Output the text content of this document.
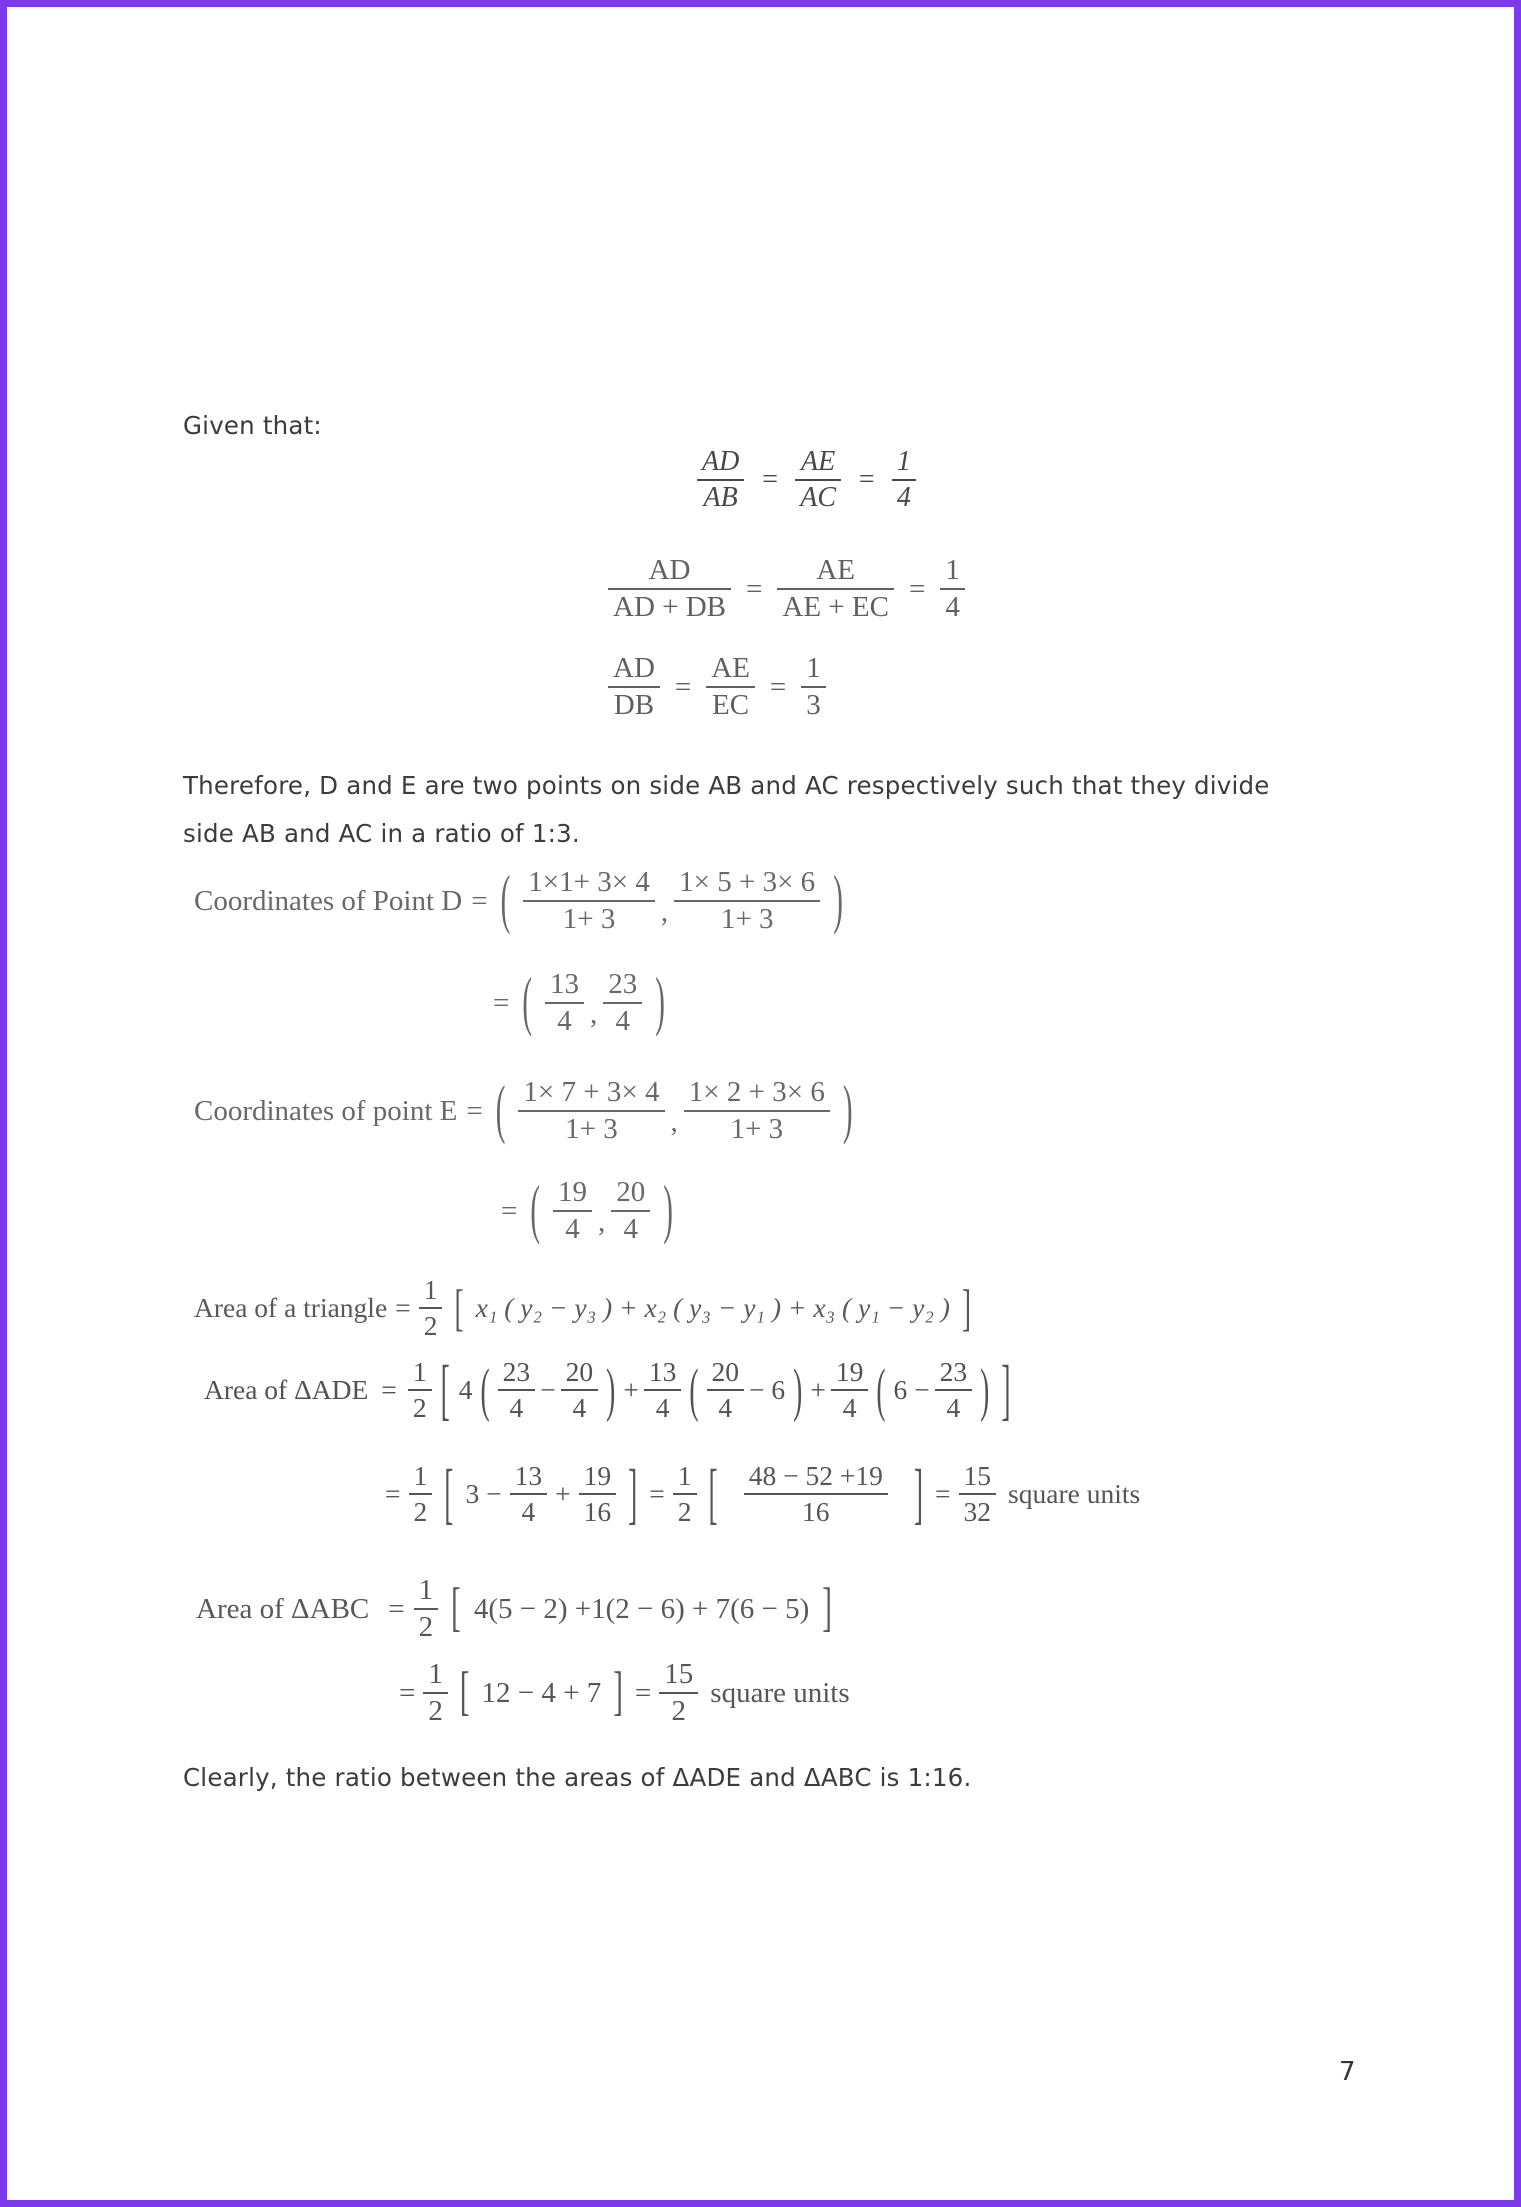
Given that:
$\frac{AD}{AB} = \frac{AE}{AC} = \frac{1}{4}$
$\frac{AD}{AD + DB} = \frac{AE}{AE + EC} = \frac{1}{4}$
$\frac{AD}{DB} = \frac{AE}{EC} = \frac{1}{3}$
Therefore, D and E are two points on side AB and AC respectively such that they divide
side AB and AC in a ratio of 1:3.
Coordinates of Point D = ( $\frac{1\times 1+ 3\times 4}{1+ 3}$ , $\frac{1\times 5 + 3\times 6}{1+ 3}$ )
= ( $\frac{13}{4}$ , $\frac{23}{4}$ )
Coordinates of point E = ( $\frac{1\times 7 + 3\times 4}{1+ 3}$ , $\frac{1\times 2 + 3\times 6}{1+ 3}$ )
= ( $\frac{19}{4}$ , $\frac{20}{4}$ )
Area of a triangle = $\frac{1}{2}$ [ x₁ ( y₂ − y₃ ) + x₂ ( y₃ − y₁ ) + x₃ ( y₁ − y₂ ) ]
Area of $\Delta ADE = \frac{1}{2}$ [ 4 ( $\frac{23}{4} - \frac{20}{4}$ ) + $\frac{13}{4}$ ( $\frac{20}{4} - 6$ ) + $\frac{19}{4}$ ( $6 - \frac{23}{4}$ ) ]
= $\frac{1}{2}$ [ $3 - \frac{13}{4} + \frac{19}{16}$ ] = $\frac{1}{2}$ [ $\frac{48 - 52 +19}{16}$ ] = $\frac{15}{32}$ square units
Area of $\Delta ABC = \frac{1}{2}$ [ 4(5 − 2) +1(2 − 6) + 7(6 − 5) ]
= $\frac{1}{2}$ [ 12 − 4 + 7 ] = $\frac{15}{2}$ square units
Clearly, the ratio between the areas of ΔADE and ΔABC is 1:16.
7
